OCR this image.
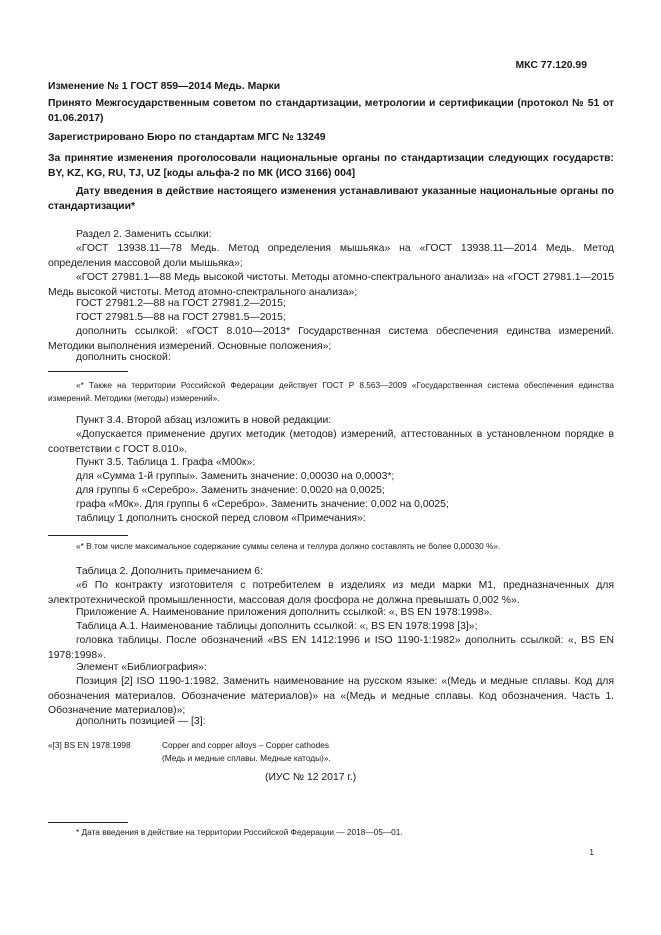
МКС 77.120.99
Изменение № 1 ГОСТ 859—2014 Медь. Марки
Принято Межгосударственным советом по стандартизации, метрологии и сертификации (протокол № 51 от 01.06.2017)
Зарегистрировано Бюро по стандартам МГС № 13249
За принятие изменения проголосовали национальные органы по стандартизации следующих государств: BY, KZ, KG, RU, TJ, UZ [коды альфа-2 по МК (ИСО 3166) 004]
Дату введения в действие настоящего изменения устанавливают указанные национальные органы по стандартизации*
Раздел 2. Заменить ссылки:
«ГОСТ 13938.11—78 Медь. Метод определения мышьяка» на «ГОСТ 13938.11—2014 Медь. Метод определения массовой доли мышьяка»;
«ГОСТ 27981.1—88 Медь высокой чистоты. Методы атомно-спектрального анализа» на «ГОСТ 27981.1—2015 Медь высокой чистоты. Метод атомно-спектрального анализа»;
ГОСТ 27981.2—88 на ГОСТ 27981.2—2015;
ГОСТ 27981.5—88 на ГОСТ 27981.5—2015;
дополнить ссылкой: «ГОСТ 8.010—2013* Государственная система обеспечения единства измерений. Методики выполнения измерений. Основные положения»;
дополнить сноской:
«* Также на территории Российской Федерации действует ГОСТ Р 8.563—2009 «Государственная система обеспечения единства измерений. Методики (методы) измерений».
Пункт 3.4. Второй абзац изложить в новой редакции:
«Допускается применение других методик (методов) измерений, аттестованных в установленном порядке в соответствии с ГОСТ 8.010».
Пункт 3.5. Таблица 1. Графа «М00к»:
для «Сумма 1-й группы». Заменить значение: 0,00030 на 0,0003*;
для группы 6 «Серебро». Заменить значение: 0,0020 на 0,0025;
графа «М0к». Для группы 6 «Серебро». Заменить значение: 0,002 на 0,0025;
таблицу 1 дополнить сноской перед словом «Примечания»:
«* В том числе максимальное содержание суммы селена и теллура должно составлять не более 0,00030 %».
Таблица 2. Дополнить примечанием 6:
«6 По контракту изготовителя с потребителем в изделиях из меди марки М1, предназначенных для электротехнической промышленности, массовая доля фосфора не должна превышать 0,002 %».
Приложение А. Наименование приложения дополнить ссылкой: «, BS EN 1978:1998».
Таблица А.1. Наименование таблицы дополнить ссылкой: «, BS EN 1978:1998 [3]»;
головка таблицы. После обозначений «BS EN 1412:1996 и ISO 1190-1:1982» дополнить ссылкой: «, BS EN 1978:1998».
Элемент «Библиография»:
Позиция [2] ISO 1190-1:1982. Заменить наименование на русском языке: «(Медь и медные сплавы. Код для обозначения материалов. Обозначение материалов)» на «(Медь и медные сплавы. Код обозначения. Часть 1. Обозначение материалов)»;
дополнить позицией — [3]:
«[3] BS EN 1978:1998	Copper and copper alloys – Copper cathodes
(Медь и медные сплавы. Медные катоды)».
(ИУС № 12 2017 г.)
* Дата введения в действие на территории Российской Федерации — 2018—05—01.
1
